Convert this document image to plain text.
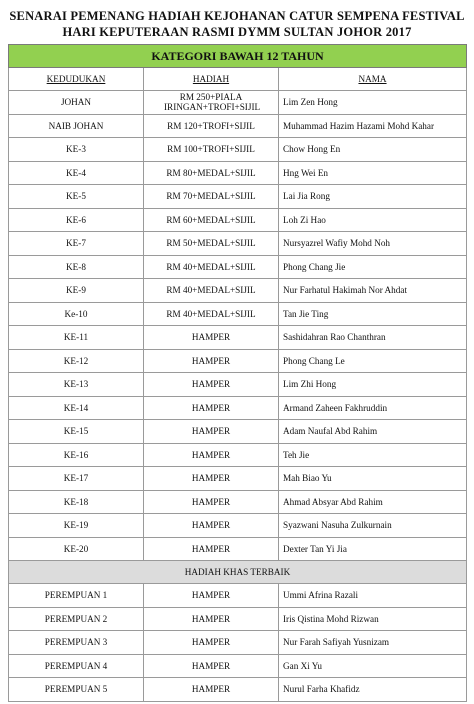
SENARAI PEMENANG HADIAH KEJOHANAN CATUR SEMPENA FESTIVAL
HARI KEPUTERAAN RASMI DYMM SULTAN JOHOR 2017
KATEGORI BAWAH 12 TAHUN		
KEDUDUKAN	HADIAH	NAMA
JOHAN	RM 250+PIALA IRINGAN+TROFI+SIJIL	Lim Zen Hong
NAIB JOHAN	RM 120+TROFI+SIJIL	Muhammad Hazim Hazami Mohd Kahar
KE-3	RM 100+TROFI+SIJIL	Chow Hong En
KE-4	RM 80+MEDAL+SIJIL	Hng Wei En
KE-5	RM 70+MEDAL+SIJIL	Lai Jia Rong
KE-6	RM 60+MEDAL+SIJIL	Loh Zi Hao
KE-7	RM 50+MEDAL+SIJIL	Nursyazrel Wafiy Mohd Noh
KE-8	RM 40+MEDAL+SIJIL	Phong Chang Jie
KE-9	RM 40+MEDAL+SIJIL	Nur Farhatul Hakimah Nor Ahdat
Ke-10	RM 40+MEDAL+SIJIL	Tan Jie Ting
KE-11	HAMPER	Sashidahran Rao Chanthran
KE-12	HAMPER	Phong Chang Le
KE-13	HAMPER	Lim Zhi Hong
KE-14	HAMPER	Armand Zaheen Fakhruddin
KE-15	HAMPER	Adam Naufal Abd Rahim
KE-16	HAMPER	Teh Jie
KE-17	HAMPER	Mah Biao Yu
KE-18	HAMPER	Ahmad Absyar Abd Rahim
KE-19	HAMPER	Syazwani Nasuha Zulkurnain
KE-20	HAMPER	Dexter Tan Yi Jia
HADIAH KHAS TERBAIK		
PEREMPUAN 1	HAMPER	Ummi Afrina Razali
PEREMPUAN 2	HAMPER	Iris Qistina Mohd Rizwan
PEREMPUAN 3	HAMPER	Nur Farah Safiyah Yusnizam
PEREMPUAN 4	HAMPER	Gan Xi Yu
PEREMPUAN 5	HAMPER	Nurul Farha Khafidz
